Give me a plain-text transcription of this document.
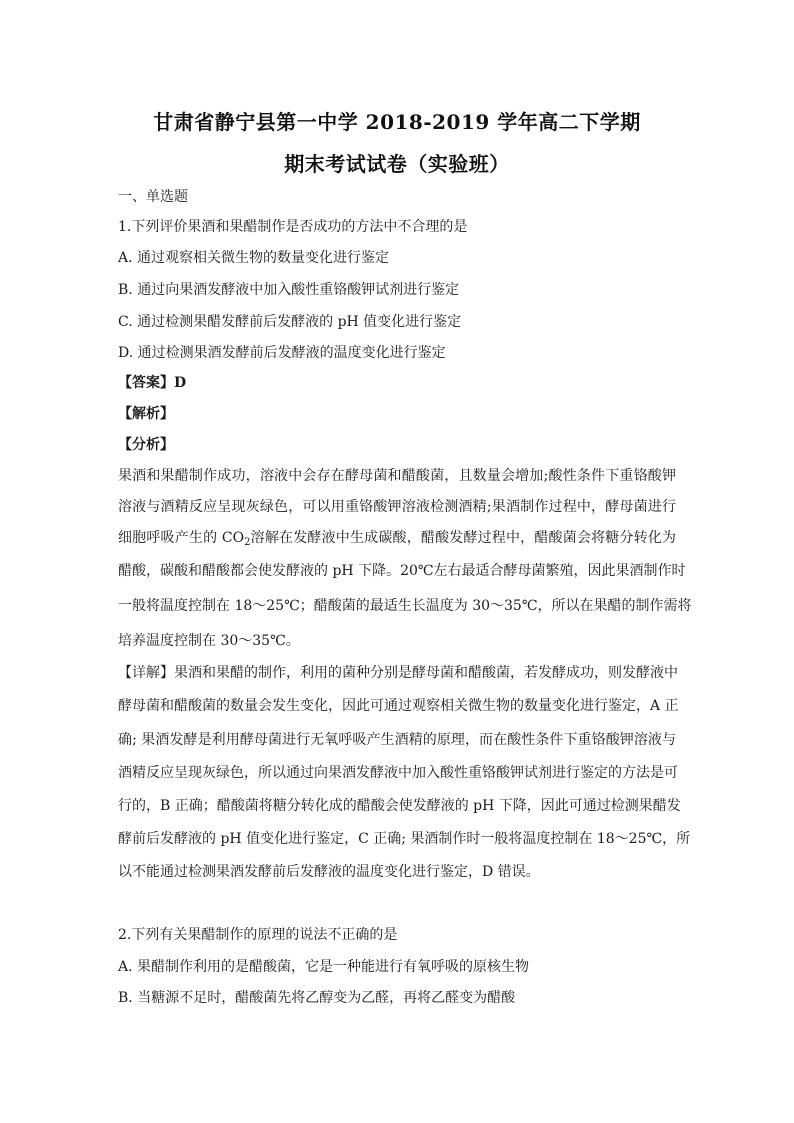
甘肃省静宁县第一中学 2018-2019 学年高二下学期
期末考试试卷（实验班）
一、单选题
1.下列评价果酒和果醋制作是否成功的方法中不合理的是
A. 通过观察相关微生物的数量变化进行鉴定
B. 通过向果酒发酵液中加入酸性重铬酸钾试剂进行鉴定
C. 通过检测果醋发酵前后发酵液的 pH 值变化进行鉴定
D. 通过检测果酒发酵前后发酵液的温度变化进行鉴定
【答案】D
【解析】
【分析】
果酒和果醋制作成功，溶液中会存在酵母菌和醋酸菌，且数量会增加;酸性条件下重铬酸钾
溶液与酒精反应呈现灰绿色，可以用重铬酸钾溶液检测酒精;果酒制作过程中，酵母菌进行
细胞呼吸产生的 $CO_2$溶解在发酵液中生成碳酸，醋酸发酵过程中，醋酸菌会将糖分转化为
醋酸，碳酸和醋酸都会使发酵液的 pH 下降。20℃左右最适合酵母菌繁殖，因此果酒制作时
一般将温度控制在 18～25℃；醋酸菌的最适生长温度为 30～35℃，所以在果醋的制作需将
培养温度控制在 30～35℃。
【详解】果酒和果醋的制作，利用的菌种分别是酵母菌和醋酸菌，若发酵成功，则发酵液中
酵母菌和醋酸菌的数量会发生变化，因此可通过观察相关微生物的数量变化进行鉴定，A 正
确; 果酒发酵是利用酵母菌进行无氧呼吸产生酒精的原理，而在酸性条件下重铬酸钾溶液与
酒精反应呈现灰绿色，所以通过向果酒发酵液中加入酸性重铬酸钾试剂进行鉴定的方法是可
行的，B 正确；醋酸菌将糖分转化成的醋酸会使发酵液的 pH 下降，因此可通过检测果醋发
酵前后发酵液的 pH 值变化进行鉴定，C 正确; 果酒制作时一般将温度控制在 18～25℃，所
以不能通过检测果酒发酵前后发酵液的温度变化进行鉴定，D 错误。
2.下列有关果醋制作的原理的说法不正确的是
A. 果醋制作利用的是醋酸菌，它是一种能进行有氧呼吸的原核生物
B. 当糖源不足时，醋酸菌先将乙醇变为乙醛，再将乙醛变为醋酸
